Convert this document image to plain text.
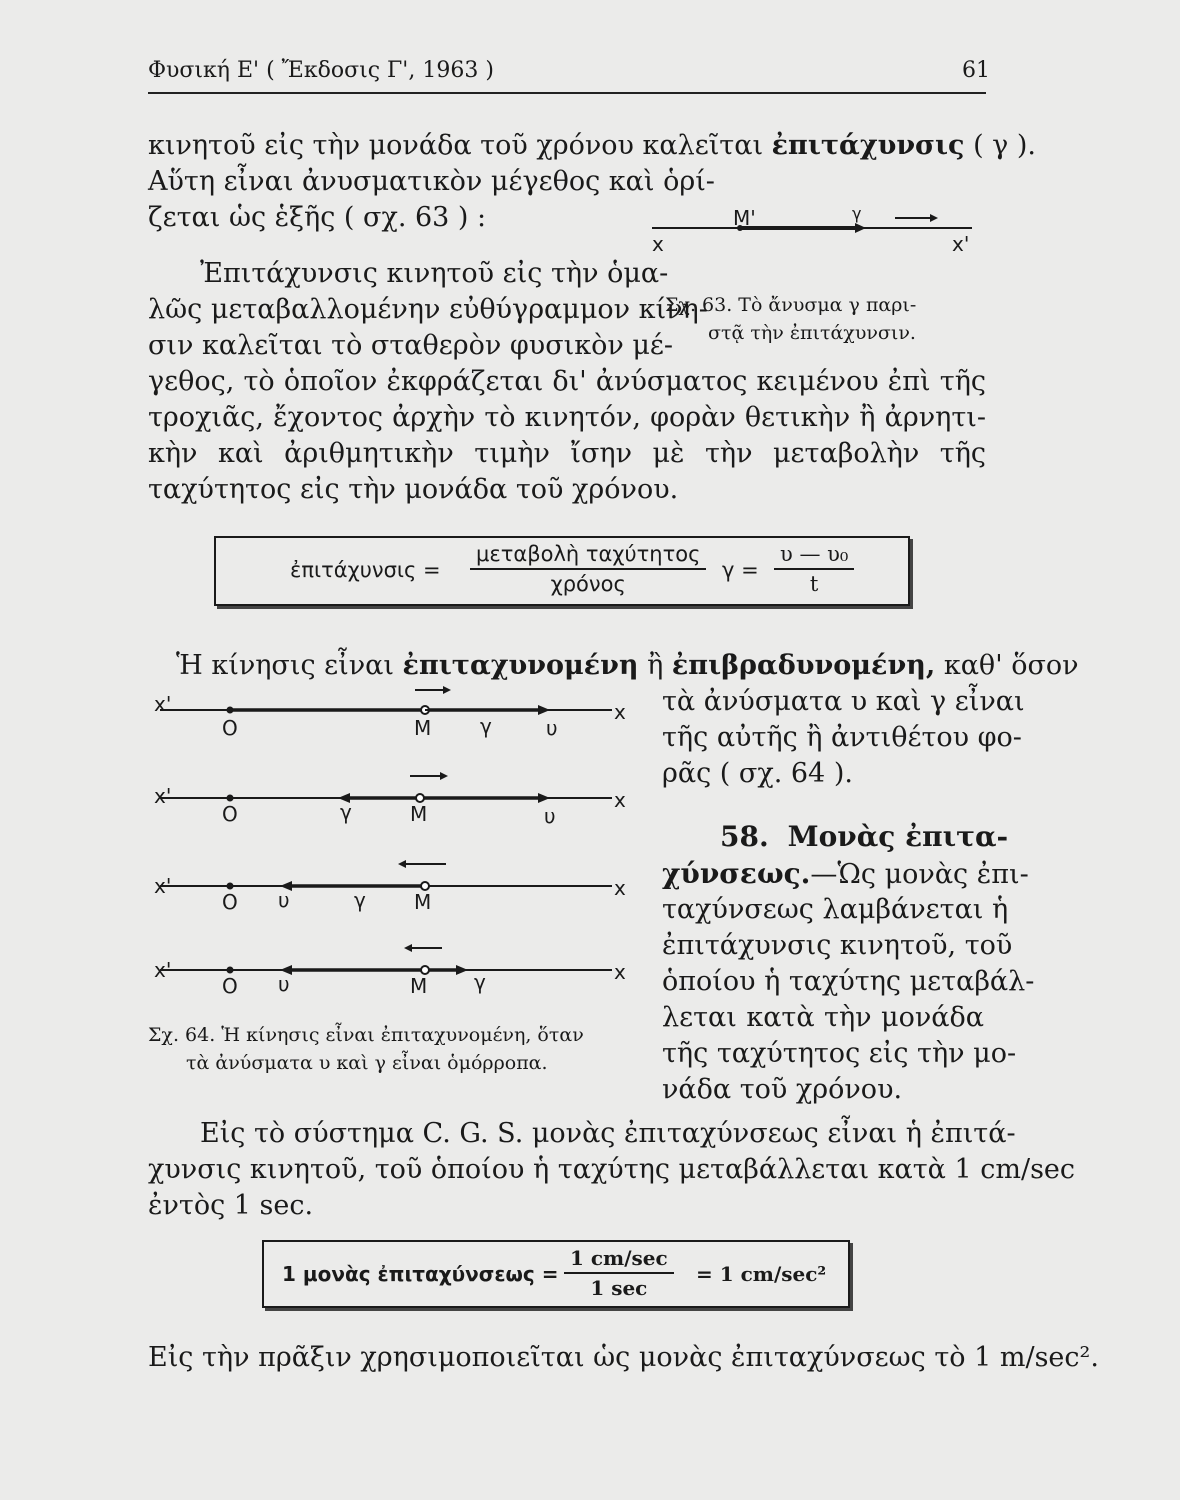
Φυσική Ε' ( Ἔκδοσις Γ', 1963 )	61
κινητοῦ εἰς τὴν μονάδα τοῦ χρόνου καλεῖται ἐπιτάχυνσις ( γ ).
Αὕτη εἶναι ἀνυσματικὸν μέγεθος καὶ ὁρί-
ζεται ὡς ἑξῆς ( σχ. 63 ) :	Μ'	γ
x	x'
Ἐπιτάχυνσις κινητοῦ εἰς τὴν ὁμα-
λῶς μεταβαλλομένην εὐθύγραμμον κίνη-
σιν καλεῖται τὸ σταθερὸν φυσικὸν μέ-
γεθος, τὸ ὁποῖον ἐκφράζεται δι' ἀνύσματος κειμένου ἐπὶ τῆς
τροχιᾶς, ἔχοντος ἀρχὴν τὸ κινητόν, φορὰν θετικὴν ἢ ἀρνητι-
κὴν καὶ ἀριθμητικὴν τιμὴν ἴσην μὲ τὴν μεταβολὴν τῆς
ταχύτητος εἰς τὴν μονάδα τοῦ χρόνου.
Σχ. 63. Τὸ ἄνυσμα γ παρι-
στᾷ τὴν ἐπιτάχυνσιν.
ἐπιτάχυνσις =
μεταβολὴ ταχύτητος
χρόνος
$\gamma = \frac{\text{υ — υ₀}}{t}$
Ἡ κίνησις εἶναι ἐπιταχυνομένη ἢ ἐπιβραδυνομένη, καθ' ὅσον
τὰ ἀνύσματα υ καὶ γ εἶναι
τῆς αὐτῆς ἢ ἀντιθέτου φο-
ρᾶς ( σχ. 64 ).
x'	x
Ο	Μ γ	υ
x'	x
Ο	γ	Μ	υ
x'	x
Ο υ	γ Μ
x'	x
Ο υ	Μ γ
Σχ. 64. Ἡ κίνησις εἶναι ἐπιταχυνομένη, ὅταν
τὰ ἀνύσματα υ καὶ γ εἶναι ὁμόρροπα.
58. Μονὰς ἐπιτα-
χύνσεως.—Ὡς μονὰς ἐπι-
ταχύνσεως λαμβάνεται ἡ
ἐπιτάχυνσις κινητοῦ, τοῦ
ὁποίου ἡ ταχύτης μεταβάλ-
λεται κατὰ τὴν μονάδα
τῆς ταχύτητος εἰς τὴν μο-
νάδα τοῦ χρόνου.
Εἰς τὸ σύστημα C. G. S. μονὰς ἐπιταχύνσεως εἶναι ἡ ἐπιτά-
χυνσις κινητοῦ, τοῦ ὁποίου ἡ ταχύτης μεταβάλλεται κατὰ 1 cm/sec
ἐντὸς 1 sec.
1 μονὰς ἐπιταχύνσεως =
1 cm/sec
1 sec
= 1 cm/sec²
Εἰς τὴν πρᾶξιν χρησιμοποιεῖται ὡς μονὰς ἐπιταχύνσεως τὸ 1 m/sec².
